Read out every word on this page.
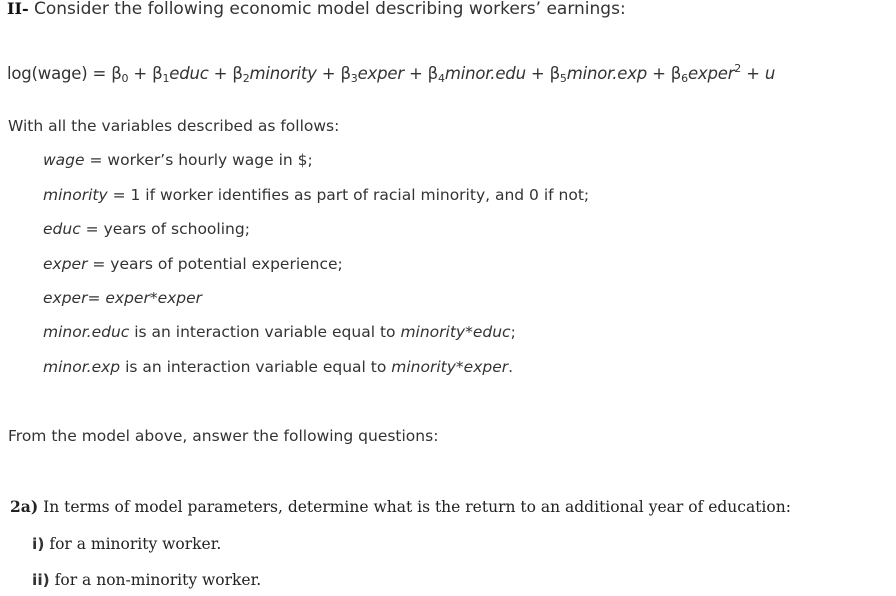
II- Consider the following economic model describing workers’ earnings:
log(wage) = $\beta_0$ + $\beta_1educ$ + $\beta_2minority$ + $\beta_3exper$ + $\beta_4minor.edu$ + $\beta_5minor.\exp$ + $\beta_6exper^2 + u$
With all the variables described as follows:
wage = worker’s hourly wage in $;
minority = 1 if worker identifies as part of racial minority, and 0 if not;
educ = years of schooling;
exper = years of potential experience;
exper= exper*exper
minor.educ is an interaction variable equal to minority*educ;
minor.exp is an interaction variable equal to minority*exper.
From the model above, answer the following questions:
2a) In terms of model parameters, determine what is the return to an additional year of education:
i) for a minority worker.
ii) for a non-minority worker.
